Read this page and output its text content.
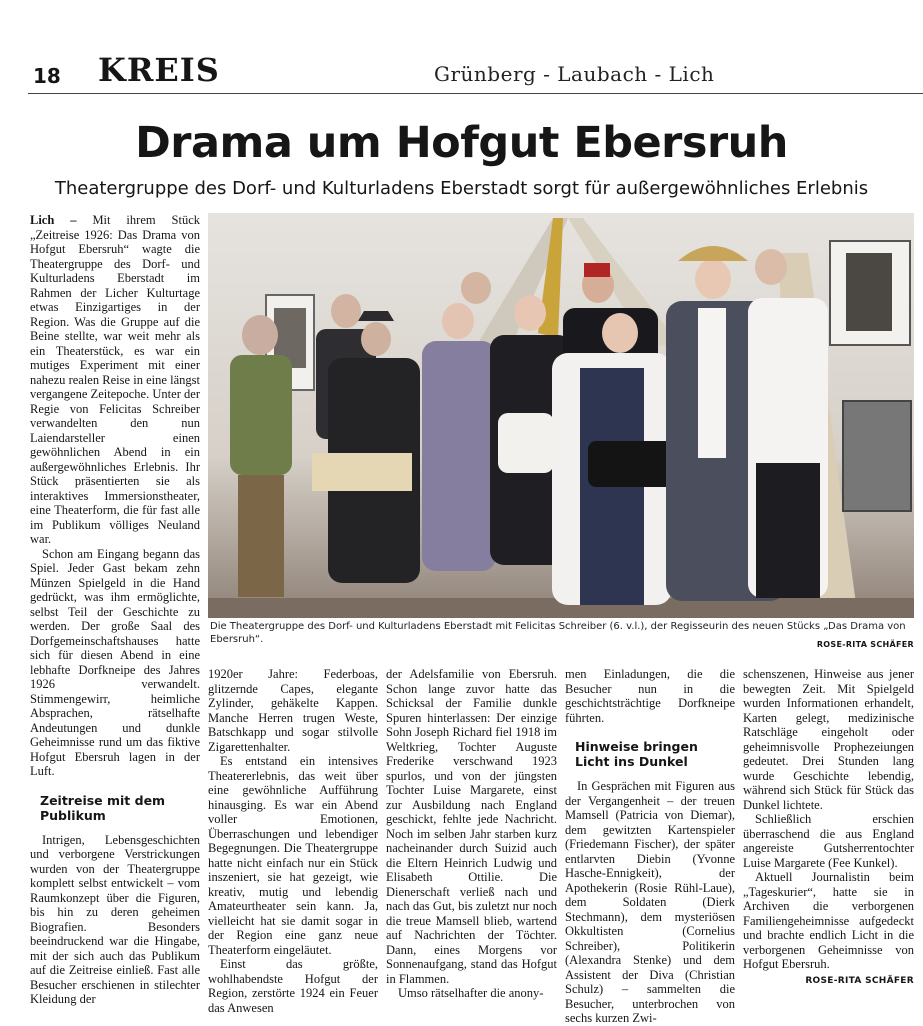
18 KREIS	Grünberg - Laubach - Lich
Drama um Hofgut Ebersruh
Theatergruppe des Dorf- und Kulturladens Eberstadt sorgt für außergewöhnliches Erlebnis

Lich – Mit ihrem Stück „Zeitreise 1926: Das Drama von Hofgut Ebersruh“ wagte die Theatergruppe des Dorf- und Kulturladens Eberstadt im Rahmen der Licher Kulturtage etwas Einzigartiges in der Region. Was die Gruppe auf die Beine stellte, war weit mehr als ein Theaterstück, es war ein mutiges Experiment mit einer nahezu realen Reise in eine längst vergangene Zeitepoche. Unter der Regie von Felicitas Schreiber verwandelten den nun Laiendarsteller einen gewöhnlichen Abend in ein außergewöhnliches Erlebnis. Ihr Stück präsentierten sie als interaktives Immersionstheater, eine Theaterform, die für fast alle im Publikum völliges Neuland war.

Schon am Eingang begann das Spiel. Jeder Gast bekam zehn Münzen Spielgeld in die Hand gedrückt, was ihm ermöglichte, selbst Teil der Geschichte zu werden. Der große Saal des Dorfgemeinschaftshauses hatte sich für diesen Abend in eine lebhafte Dorfkneipe des Jahres 1926 verwandelt. Stimmengewirr, heimliche Absprachen, rätselhafte Andeutungen und dunkle Geheimnisse rund um das fiktive Hofgut Ebersruh lagen in der Luft.

Zeitreise mit dem Publikum

Intrigen, Lebensgeschichten und verborgene Verstrickungen wurden von der Theatergruppe komplett selbst entwickelt – vom Raumkonzept über die Figuren, bis hin zu deren geheimen Biografien. Besonders beeindruckend war die Hingabe, mit der sich auch das Publikum auf die Zeitreise einließ. Fast alle Besucher erschienen in stilechter Kleidung der

Die Theatergruppe des Dorf- und Kulturladens Eberstadt mit Felicitas Schreiber (6. v.l.), der Regisseurin des neuen Stücks „Das Drama von Ebersruh“.	ROSE-RITA SCHÄFER

1920er Jahre: Federboas, glitzernde Capes, elegante Zylinder, gehäkelte Kappen. Manche Herren trugen Weste, Batschkapp und sogar stilvolle Zigarettenhalter.

Es entstand ein intensives Theatererlebnis, das weit über eine gewöhnliche Aufführung hinausging. Es war ein Abend voller Emotionen, Überraschungen und lebendiger Begegnungen. Die Theatergruppe hatte nicht einfach nur ein Stück inszeniert, sie hat gezeigt, wie kreativ, mutig und lebendig Amateurtheater sein kann. Ja, vielleicht hat sie damit sogar in der Region eine ganz neue Theaterform eingeläutet.

Einst das größte, wohlhabendste Hofgut der Region, zerstörte 1924 ein Feuer das Anwesen

der Adelsfamilie von Ebersruh. Schon lange zuvor hatte das Schicksal der Familie dunkle Spuren hinterlassen: Der einzige Sohn Joseph Richard fiel 1918 im Weltkrieg, Tochter Auguste Frederike verschwand 1923 spurlos, und von der jüngsten Tochter Luise Margarete, einst zur Ausbildung nach England geschickt, fehlte jede Nachricht. Noch im selben Jahr starben kurz nacheinander durch Suizid auch die Eltern Heinrich Ludwig und Elisabeth Ottilie. Die Dienerschaft verließ nach und nach das Gut, bis zuletzt nur noch die treue Mamsell blieb, wartend auf Nachrichten der Töchter. Dann, eines Morgens vor Sonnenaufgang, stand das Hofgut in Flammen.

Umso rätselhafter die anony-

men Einladungen, die die Besucher nun in die geschichtsträchtige Dorfkneipe führten.

Hinweise bringen Licht ins Dunkel

In Gesprächen mit Figuren aus der Vergangenheit – der treuen Mamsell (Patricia von Diemar), dem gewitzten Kartenspieler (Friedemann Fischer), der später entlarvten Diebin (Yvonne Hasche-Ennigkeit), der Apothekerin (Rosie Rühl-Laue), dem Soldaten (Dierk Stechmann), dem mysteriösen Okkultisten (Cornelius Schreiber), Politikerin (Alexandra Stenke) und dem Assistent der Diva (Christian Schulz) – sammelten die Besucher, unterbrochen von sechs kurzen Zwi-

schenszenen, Hinweise aus jener bewegten Zeit. Mit Spielgeld wurden Informationen erhandelt, Karten gelegt, medizinische Ratschläge eingeholt oder geheimnisvolle Prophezeiungen gedeutet. Drei Stunden lang wurde Geschichte lebendig, während sich Stück für Stück das Dunkel lichtete.

Schließlich erschien überraschend die aus England angereiste Gutsherrentochter Luise Margarete (Fee Kunkel).

Aktuell Journalistin beim „Tageskurier“, hatte sie in Archiven die verborgenen Familiengeheimnisse aufgedeckt und brachte endlich Licht in die verborgenen Geheimnisse von Hofgut Ebersruh.

ROSE-RITA SCHÄFER
